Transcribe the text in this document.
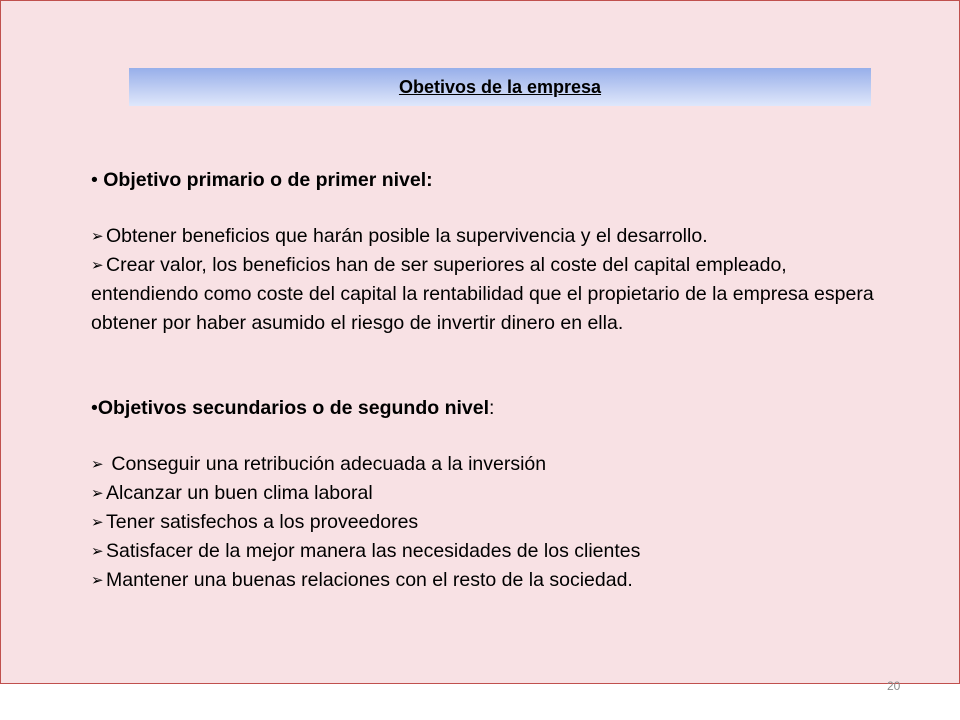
Obetivos de la empresa
• Objetivo primario o de primer nivel:
➢ Obtener beneficios que harán posible la supervivencia y el desarrollo.
➢ Crear valor, los beneficios han de ser superiores al coste del capital empleado, entendiendo como coste del capital la rentabilidad que el propietario de la empresa espera obtener por haber asumido el riesgo de invertir dinero en ella.
•Objetivos secundarios o de segundo nivel:
➢ Conseguir una retribución adecuada a la inversión
➢ Alcanzar un buen clima laboral
➢ Tener satisfechos a los proveedores
➢ Satisfacer de la mejor manera las necesidades de los clientes
➢ Mantener una buenas relaciones con el resto de la sociedad.
20
